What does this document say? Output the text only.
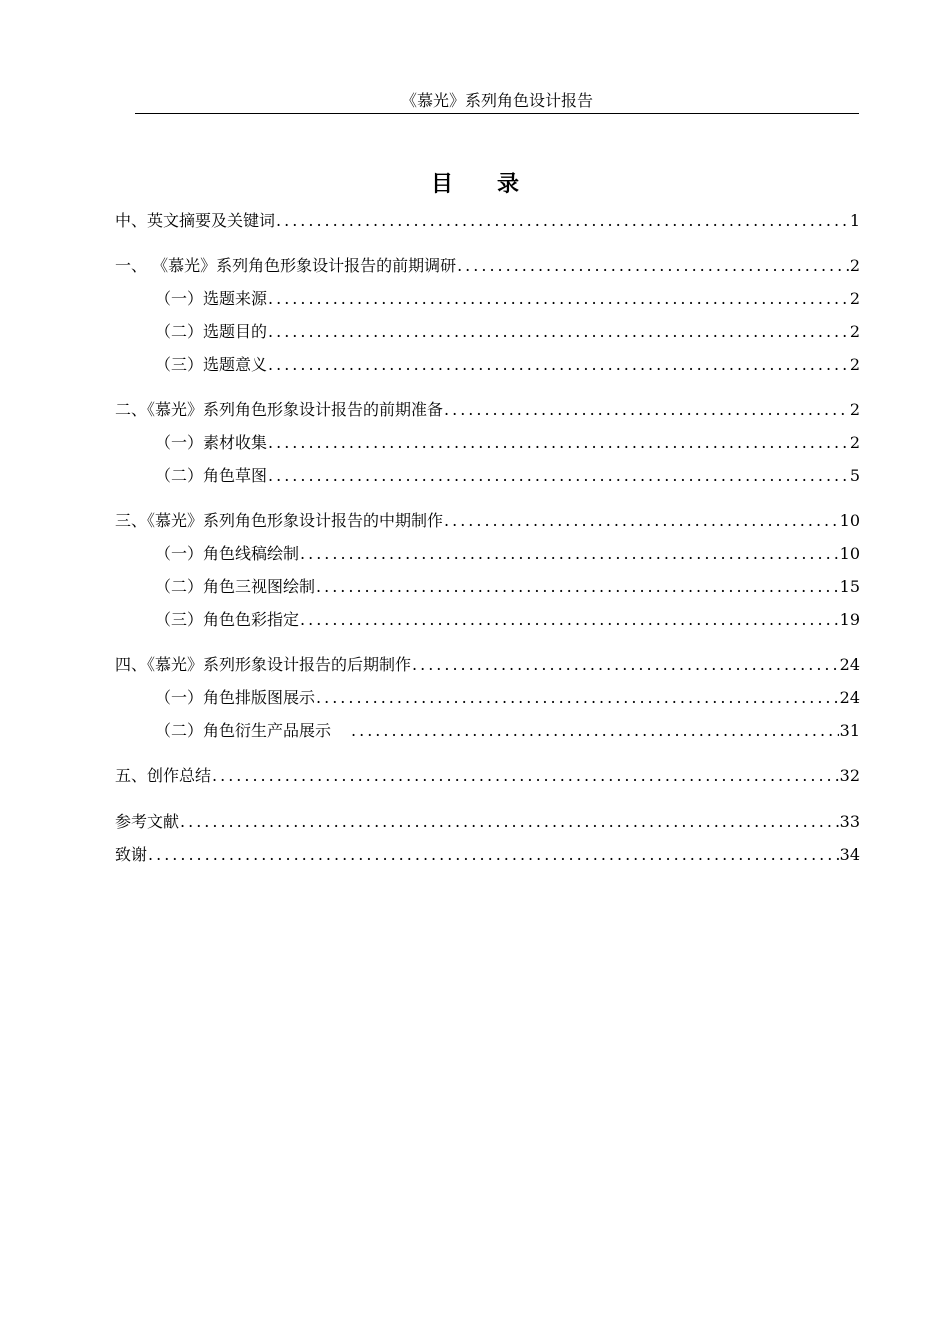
《慕光》系列角色设计报告
目录
中、英文摘要及关键词 .....	1
一、 《慕光》系列角色形象设计报告的前期调研 .....	2
（一）选题来源 .....	2
（二）选题目的 .....	2
（三）选题意义 .....	2
二、《慕光》系列角色形象设计报告的前期准备 .....	2
（一）素材收集 .....	2
（二）角色草图 .....	5
三、《慕光》系列角色形象设计报告的中期制作 .....	10
（一）角色线稿绘制 .....	10
（二）角色三视图绘制 .....	15
（三）角色色彩指定 .....	19
四、《慕光》系列形象设计报告的后期制作 .....	24
（一）角色排版图展示 .....	24
（二）角色衍生产品展示 .....	31
五、创作总结 .....	32
参考文献 .....	33
致谢 .....	34
